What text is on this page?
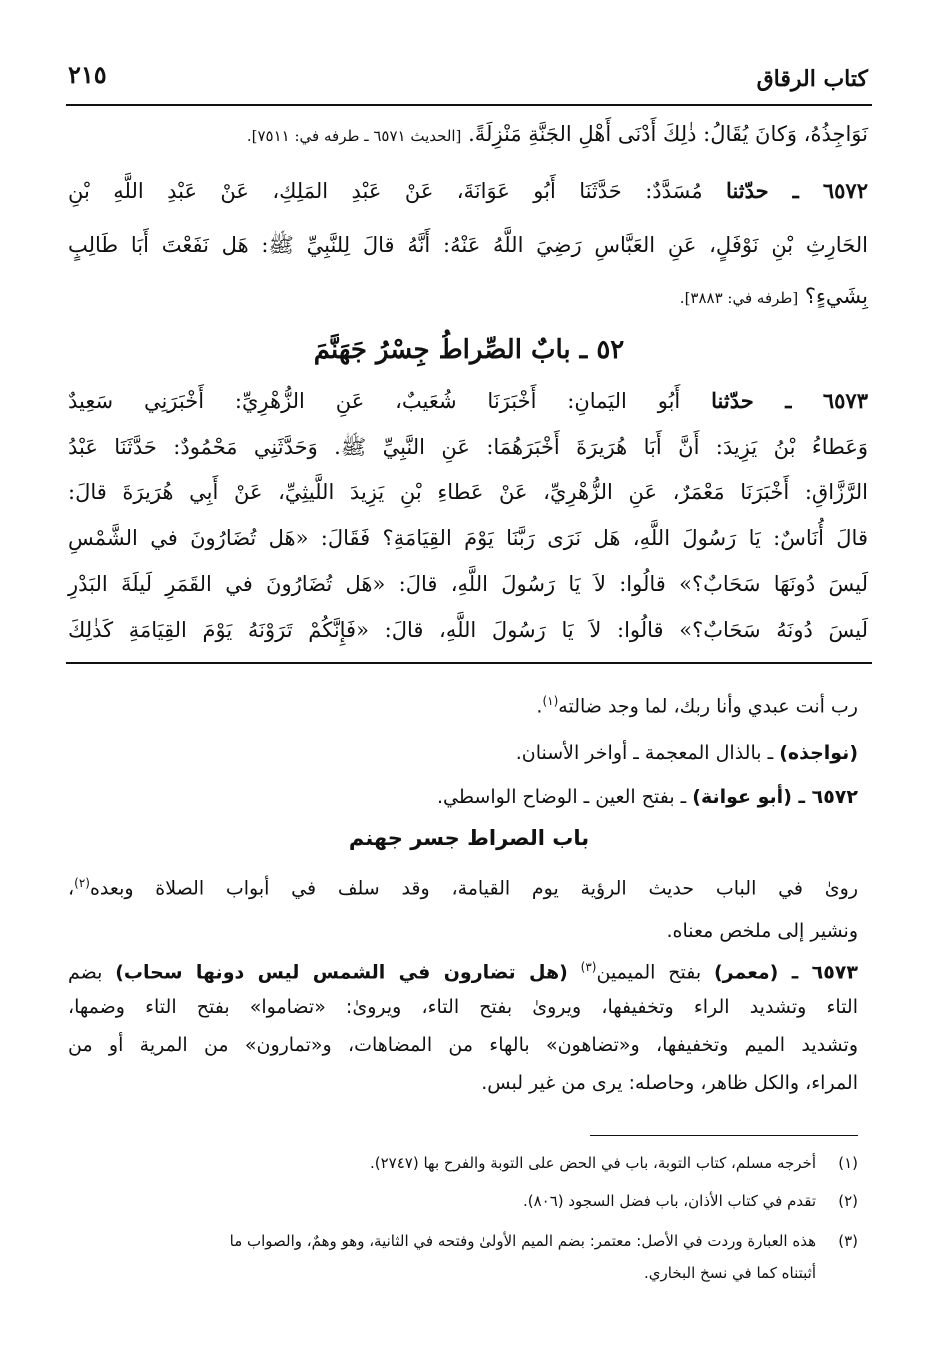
كتاب الرقاق
٢١٥
نَوَاجِذُهُ، وَكانَ يُقَالُ: ذٰلِكَ أَدْنَى أَهْلِ الجَنَّةِ مَنْزِلَةً. [الحديث ٦٥٧١ ـ طرفه في: ٧٥١١].
٦٥٧٢ ـ حدّثنا مُسَدَّدٌ: حَدَّثَنَا أَبُو عَوَانَةَ، عَنْ عَبْدِ المَلِكِ، عَنْ عَبْدِ اللَّهِ بْنِ
الحَارِثِ بْنِ نَوْفَلٍ، عَنِ العَبَّاسِ رَضِيَ اللَّهُ عَنْهُ: أَنَّهُ قالَ لِلنَّبِيِّ ﷺ: هَل نَفَعْتَ أَبَا طَالِبٍ
بِشَيءٍ؟ [طرفه في: ٣٨٨٣].
٥٢ ـ بابٌ الصِّراطُ جِسْرُ جَهَنَّمَ
٦٥٧٣ ـ حدّثنا أَبُو اليَمانِ: أَخْبَرَنَا شُعَيبٌ، عَنِ الزُّهْرِيِّ: أَخْبَرَنِي سَعِيدٌ
وَعَطاءُ بْنُ يَزِيدَ: أَنَّ أَبَا هُرَيرَةَ أَخْبَرَهُمَا: عَنِ النَّبِيِّ ﷺ. وَحَدَّثَنِي مَحْمُودٌ: حَدَّثَنَا عَبْدُ
الرَّزَّاقِ: أَخْبَرَنَا مَعْمَرٌ، عَنِ الزُّهْرِيِّ، عَنْ عَطاءِ بْنِ يَزِيدَ اللَّيثِيِّ، عَنْ أَبِي هُرَيرَةَ قالَ:
قالَ أُنَاسٌ: يَا رَسُولَ اللَّهِ، هَل نَرَى رَبَّنَا يَوْمَ القِيَامَةِ؟ فَقَالَ: «هَل تُضَارُونَ في الشَّمْسِ
لَيسَ دُونَهَا سَحَابٌ؟» قالُوا: لاَ يَا رَسُولَ اللَّهِ، قالَ: «هَل تُضَارُونَ في القَمَرِ لَيلَةَ البَدْرِ
لَيسَ دُونَهُ سَحَابٌ؟» قالُوا: لاَ يَا رَسُولَ اللَّهِ، قالَ: «فَإِنَّكُمْ تَرَوْنَهُ يَوْمَ القِيَامَةِ كَذٰلِكَ
رب أنت عبدي وأنا ربك، لما وجد ضالته$^{(١)}$.
(نواجذه) ـ بالذال المعجمة ـ أواخر الأسنان.
٦٥٧٢ ـ (أبو عوانة) ـ بفتح العين ـ الوضاح الواسطي.
باب الصراط جسر جهنم
روىٰ في الباب حديث الرؤية يوم القيامة، وقد سلف في أبواب الصلاة وبعده$^{(٢)}$،
ونشير إلى ملخص معناه.
٦٥٧٣ ـ (معمر) بفتح الميمين$^{(٣)}$ (هل تضارون في الشمس ليس دونها سحاب) بضم
التاء وتشديد الراء وتخفيفها، ويروىٰ بفتح التاء، ويروىٰ: «تضاموا» بفتح التاء وضمها،
وتشديد الميم وتخفيفها، و«تضاهون» بالهاء من المضاهات، و«تمارون» من المرية أو من
المراء، والكل ظاهر، وحاصله: يرى من غير لبس.
(١)أخرجه مسلم، كتاب التوبة، باب في الحض على التوبة والفرح بها (٢٧٤٧).
(٢)تقدم في كتاب الأذان، باب فضل السجود (٨٠٦).
(٣)هذه العبارة وردت في الأصل: معتمر: بضم الميم الأولىٰ وفتحه في الثانية، وهو وهمٌ، والصواب ما
أثبتناه كما في نسخ البخاري.
